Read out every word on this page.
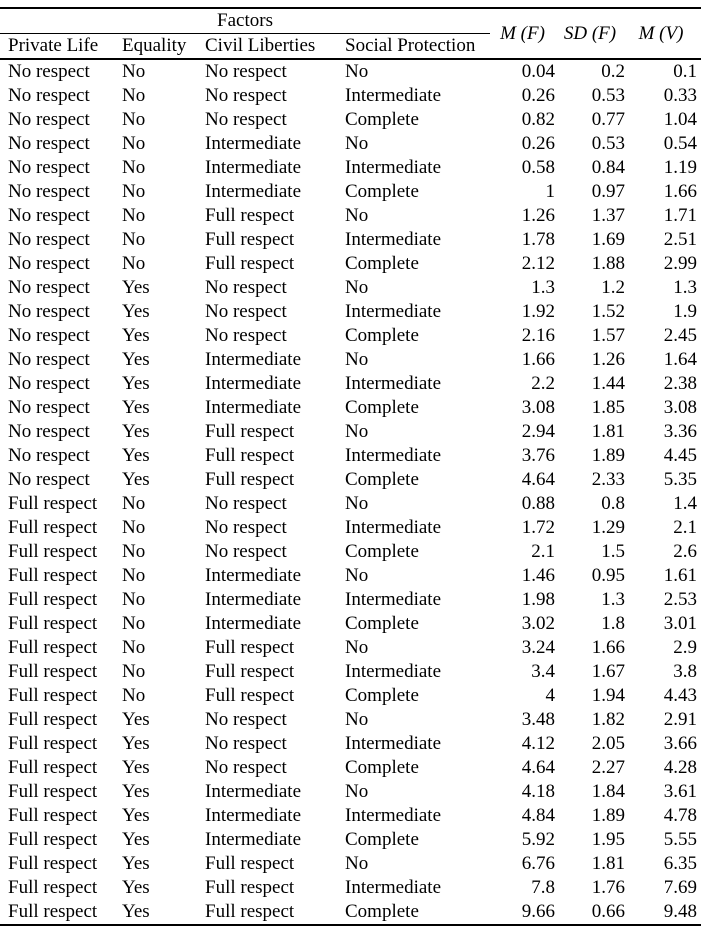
Factors				M (F)	SD (F)	M (V)
Private Life	Equality	Civil Liberties	Social Protection			
No respect	No	No respect	No	0.04	0.2	0.1
No respect	No	No respect	Intermediate	0.26	0.53	0.33
No respect	No	No respect	Complete	0.82	0.77	1.04
No respect	No	Intermediate	No	0.26	0.53	0.54
No respect	No	Intermediate	Intermediate	0.58	0.84	1.19
No respect	No	Intermediate	Complete	1	0.97	1.66
No respect	No	Full respect	No	1.26	1.37	1.71
No respect	No	Full respect	Intermediate	1.78	1.69	2.51
No respect	No	Full respect	Complete	2.12	1.88	2.99
No respect	Yes	No respect	No	1.3	1.2	1.3
No respect	Yes	No respect	Intermediate	1.92	1.52	1.9
No respect	Yes	No respect	Complete	2.16	1.57	2.45
No respect	Yes	Intermediate	No	1.66	1.26	1.64
No respect	Yes	Intermediate	Intermediate	2.2	1.44	2.38
No respect	Yes	Intermediate	Complete	3.08	1.85	3.08
No respect	Yes	Full respect	No	2.94	1.81	3.36
No respect	Yes	Full respect	Intermediate	3.76	1.89	4.45
No respect	Yes	Full respect	Complete	4.64	2.33	5.35
Full respect	No	No respect	No	0.88	0.8	1.4
Full respect	No	No respect	Intermediate	1.72	1.29	2.1
Full respect	No	No respect	Complete	2.1	1.5	2.6
Full respect	No	Intermediate	No	1.46	0.95	1.61
Full respect	No	Intermediate	Intermediate	1.98	1.3	2.53
Full respect	No	Intermediate	Complete	3.02	1.8	3.01
Full respect	No	Full respect	No	3.24	1.66	2.9
Full respect	No	Full respect	Intermediate	3.4	1.67	3.8
Full respect	No	Full respect	Complete	4	1.94	4.43
Full respect	Yes	No respect	No	3.48	1.82	2.91
Full respect	Yes	No respect	Intermediate	4.12	2.05	3.66
Full respect	Yes	No respect	Complete	4.64	2.27	4.28
Full respect	Yes	Intermediate	No	4.18	1.84	3.61
Full respect	Yes	Intermediate	Intermediate	4.84	1.89	4.78
Full respect	Yes	Intermediate	Complete	5.92	1.95	5.55
Full respect	Yes	Full respect	No	6.76	1.81	6.35
Full respect	Yes	Full respect	Intermediate	7.8	1.76	7.69
Full respect	Yes	Full respect	Complete	9.66	0.66	9.48
